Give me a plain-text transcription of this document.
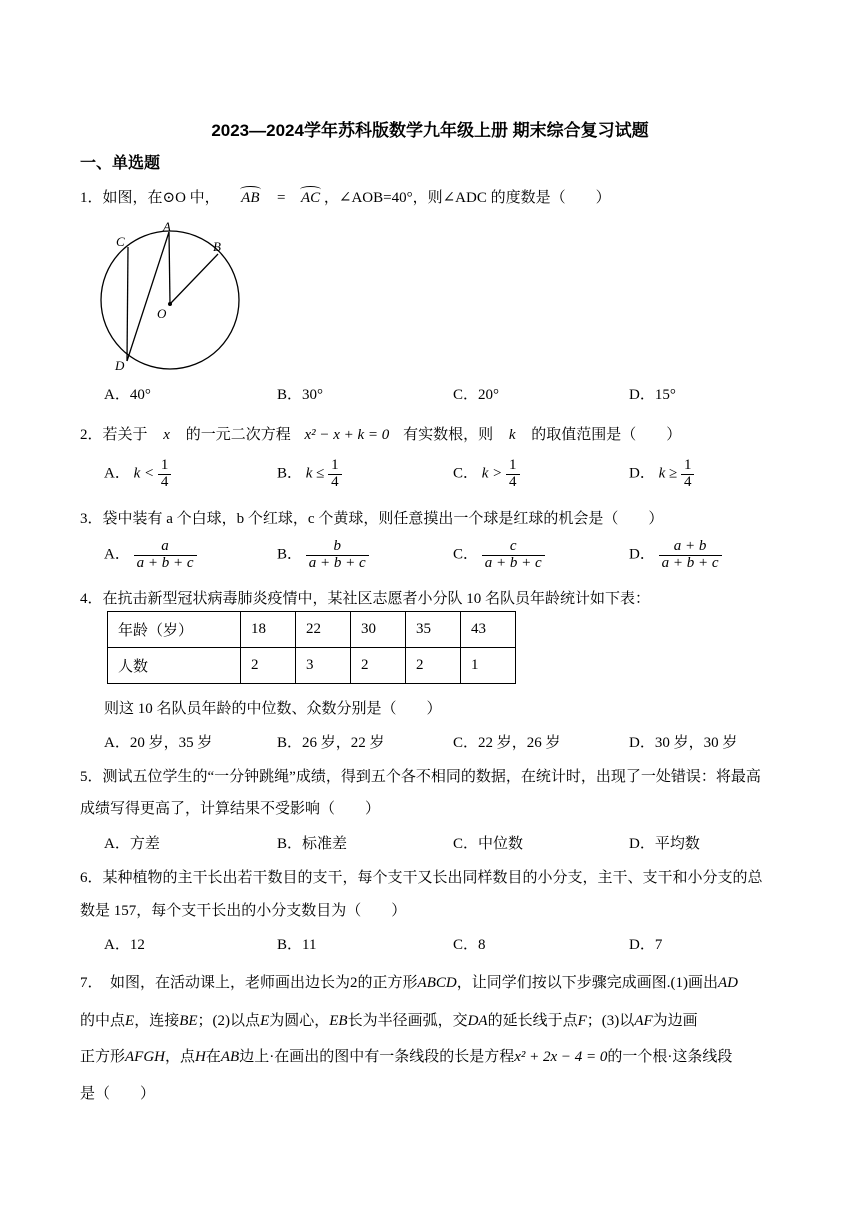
2023—2024学年苏科版数学九年级上册 期末综合复习试题
一、单选题
1．如图，在⊙O 中， AB = AC ，∠AOB=40°，则∠ADC 的度数是（　　）
A
B
C
D
O
A．40°	B．30°	C．20°	D．15°
2．若关于 x 的一元二次方程 x² − x + k = 0 有实数根，则 k 的取值范围是（　　）
A． $k < \frac{1}{4}$	B． $k \le \frac{1}{4}$	C． $k > \frac{1}{4}$	D． $k \ge \frac{1}{4}$
3．袋中装有 a 个白球，b 个红球，c 个黄球，则任意摸出一个球是红球的机会是（　　）
A． $\frac{a}{a + b + c}$	B． $\frac{b}{a + b + c}$	C． $\frac{c}{a + b + c}$	D． $\frac{a + b}{a + b + c}$
4．在抗击新型冠状病毒肺炎疫情中，某社区志愿者小分队 10 名队员年龄统计如下表：
年龄（岁）	18	22	30	35	43
人数	2	3	2	2	1
则这 10 名队员年龄的中位数、众数分别是（　　）
A．20 岁，35 岁	B．26 岁，22 岁	C．22 岁，26 岁	D．30 岁，30 岁
5．测试五位学生的“一分钟跳绳”成绩，得到五个各不相同的数据，在统计时，出现了一处错误：将最高
成绩写得更高了，计算结果不受影响（　　）
A．方差	B．标准差	C．中位数	D．平均数
6．某种植物的主干长出若干数目的支干，每个支干又长出同样数目的小分支，主干、支干和小分支的总
数是 157，每个支干长出的小分支数目为（　　）
A．12	B．11	C．8	D．7
7．　如图，在活动课上，老师画出边长为2的正方形ABCD，让同学们按以下步骤完成画图.(1)画出AD
的中点E，连接BE；(2)以点E为圆心，EB长为半径画弧，交DA的延长线于点F；(3)以AF为边画
正方形AFGH，点H在AB边上·在画出的图中有一条线段的长是方程x² + 2x − 4 = 0的一个根·这条线段
是（　　）
